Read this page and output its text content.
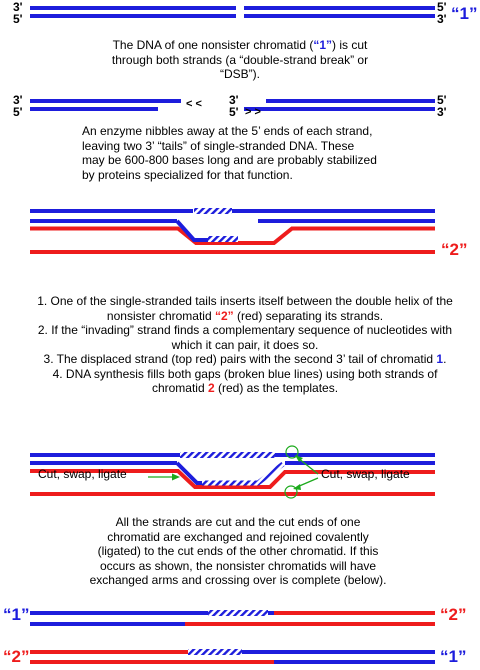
3'
5'
5'
3' “1”
The DNA of one nonsister chromatid (“1”) is cut through both strands (a “double-strand break” or “DSB”).
3'
5'
3'
5'
5'
3'
< <
> >
An enzyme nibbles away at the 5’ ends of each strand, leaving two 3’ “tails” of single-stranded DNA. These may be 600-800 bases long and are probably stabilized by proteins specialized for that function.
“2”
1. One of the single-stranded tails inserts itself between the double helix of the nonsister chromatid “2” (red) separating its strands.
2. If the “invading” strand finds a complementary sequence of nucleotides with which it can pair, it does so.
3. The displaced strand (top red) pairs with the second 3’ tail of chromatid 1.
4. DNA synthesis fills both gaps (broken blue lines) using both strands of chromatid 2 (red) as the templates.
Cut, swap, ligate	Cut, swap, ligate
All the strands are cut and the cut ends of one chromatid are exchanged and rejoined covalently (ligated) to the cut ends of the other chromatid. If this occurs as shown, the nonsister chromatids will have exchanged arms and crossing over is complete (below).
“1”	“2”
“2”	“1”
